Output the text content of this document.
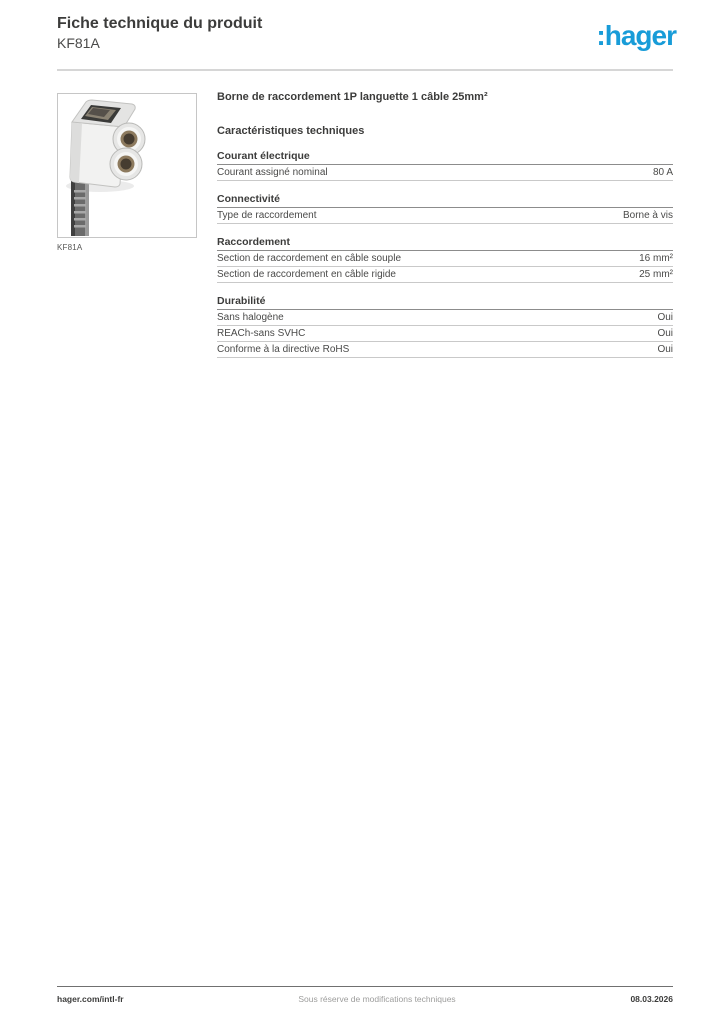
Fiche technique du produit
KF81A	:hager
KF81A
Borne de raccordement 1P languette 1 câble 25mm²
Caractéristiques techniques
Courant électrique
Courant assigné nominal	80 A
Connectivité
Type de raccordement	Borne à vis
Raccordement
Section de raccordement en câble souple	16 mm²
Section de raccordement en câble rigide	25 mm²
Durabilité
Sans halogène	Oui
REACh-sans SVHC	Oui
Conforme à la directive RoHS	Oui
hager.com/intl-fr	Sous réserve de modifications techniques	08.03.2026
